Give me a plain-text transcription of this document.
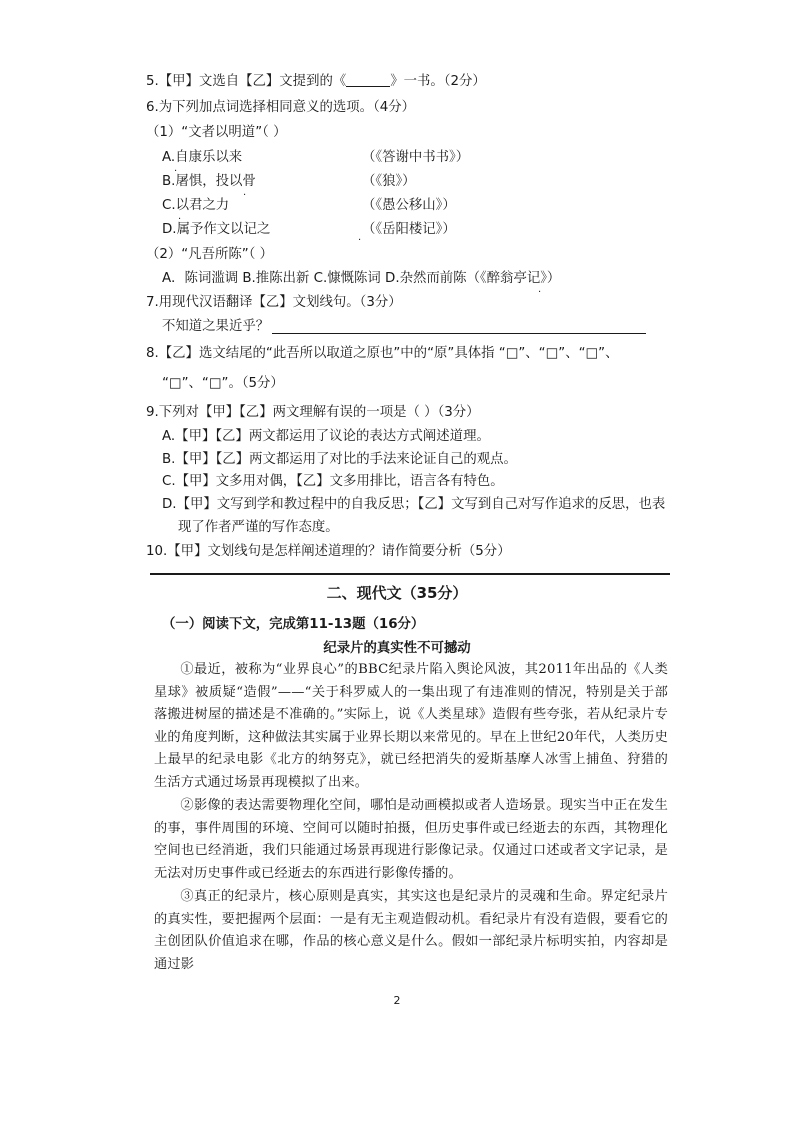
5.【甲】文选自【乙】文提到的《	》一书。（2分）
6.为下列加点词选择相同意义的选项。（4分）
（1）“文者以明道”（ ）
A.自康乐以来	（《答谢中书书》）
·
B.屠惧，投以骨	（《狼》）
·
C.以君之力	（《愚公移山》）
·
D.属予作文以记之	（《岳阳楼记》）
·
（2）“凡吾所陈”（ ）
A．陈词滥调 B.推陈出新 C.慷慨陈词 D.杂然而前陈（《醉翁亭记》）
·
7.用现代汉语翻译【乙】文划线句。（3分）
不知道之果近乎？
8.【乙】选文结尾的“此吾所以取道之原也”中的“原”具体指 “□”、“□”、“□”、
“□”、“□”。（5分）
9.下列对【甲】【乙】两文理解有误的一项是（ ）（3分）
A.【甲】【乙】两文都运用了议论的表达方式阐述道理。
B.【甲】【乙】两文都运用了对比的手法来论证自己的观点。
C.【甲】文多用对偶，【乙】文多用排比，语言各有特色。
D.【甲】文写到学和教过程中的自我反思；【乙】文写到自己对写作追求的反思，也表
现了作者严谨的写作态度。
10.【甲】文划线句是怎样阐述道理的？请作简要分析（5分）
二、现代文（35分）
（一）阅读下文，完成第11-13题（16分）
纪录片的真实性不可撼动
①最近，被称为“业界良心”的BBC纪录片陷入舆论风波，其2011年出品的《人类星球》被质疑“造假”——“关于科罗威人的一集出现了有违准则的情况，特别是关于部落搬进树屋的描述是不准确的。”实际上，说《人类星球》造假有些夸张，若从纪录片专业的角度判断，这种做法其实属于业界长期以来常见的。早在上世纪20年代，人类历史上最早的纪录电影《北方的纳努克》，就已经把消失的爱斯基摩人冰雪上捕鱼、狩猎的生活方式通过场景再现模拟了出来。
②影像的表达需要物理化空间，哪怕是动画模拟或者人造场景。现实当中正在发生的事，事件周围的环境、空间可以随时拍摄，但历史事件或已经逝去的东西，其物理化空间也已经消逝，我们只能通过场景再现进行影像记录。仅通过口述或者文字记录，是无法对历史事件或已经逝去的东西进行影像传播的。
③真正的纪录片，核心原则是真实，其实这也是纪录片的灵魂和生命。界定纪录片的真实性，要把握两个层面：一是有无主观造假动机。看纪录片有没有造假，要看它的主创团队价值追求在哪，作品的核心意义是什么。假如一部纪录片标明实拍，内容却是通过影
2
